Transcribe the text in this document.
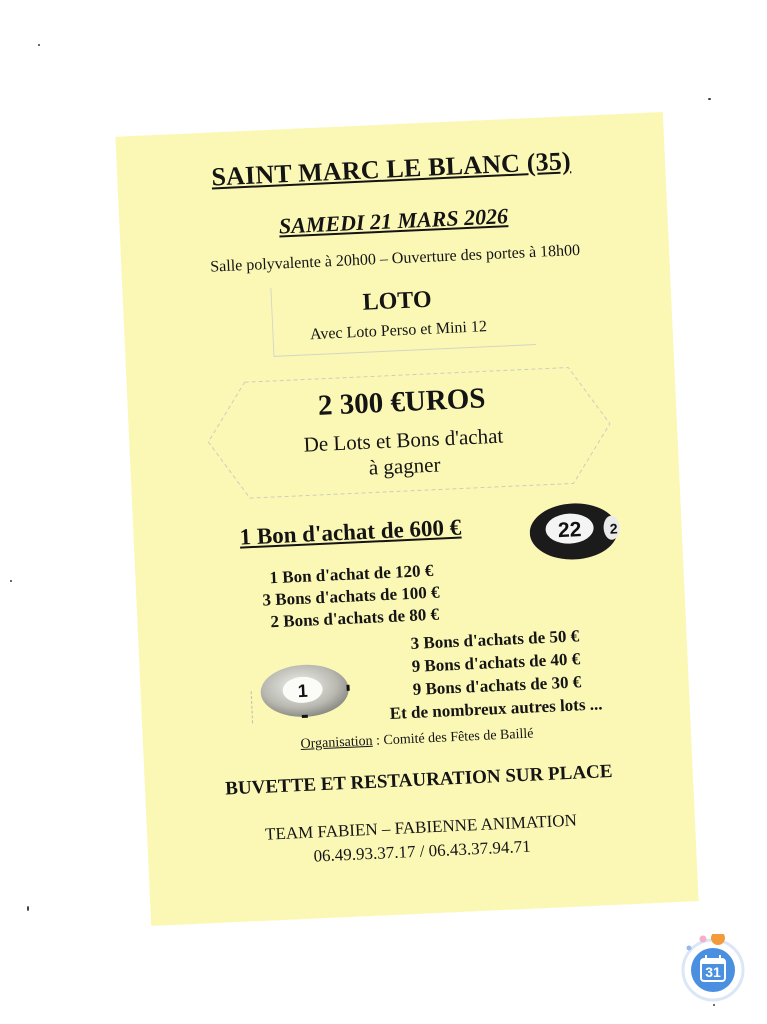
SAINT MARC LE BLANC (35)
SAMEDI 21 MARS 2026
Salle polyvalente à 20h00 – Ouverture des portes à 18h00
LOTO
Avec Loto Perso et Mini 12
2 300 €UROS
De Lots et Bons d'achat
à gagner
1 Bon d'achat de 600 €	22 2
1 Bon d'achat de 120 €
3 Bons d'achats de 100 €
2 Bons d'achats de 80 €
3 Bons d'achats de 50 €
9 Bons d'achats de 40 €
9 Bons d'achats de 30 €
Et de nombreux autres lots ...
1
Organisation : Comité des Fêtes de Baillé
BUVETTE ET RESTAURATION SUR PLACE
TEAM FABIEN – FABIENNE ANIMATION
06.49.93.37.17 / 06.43.37.94.71
31
